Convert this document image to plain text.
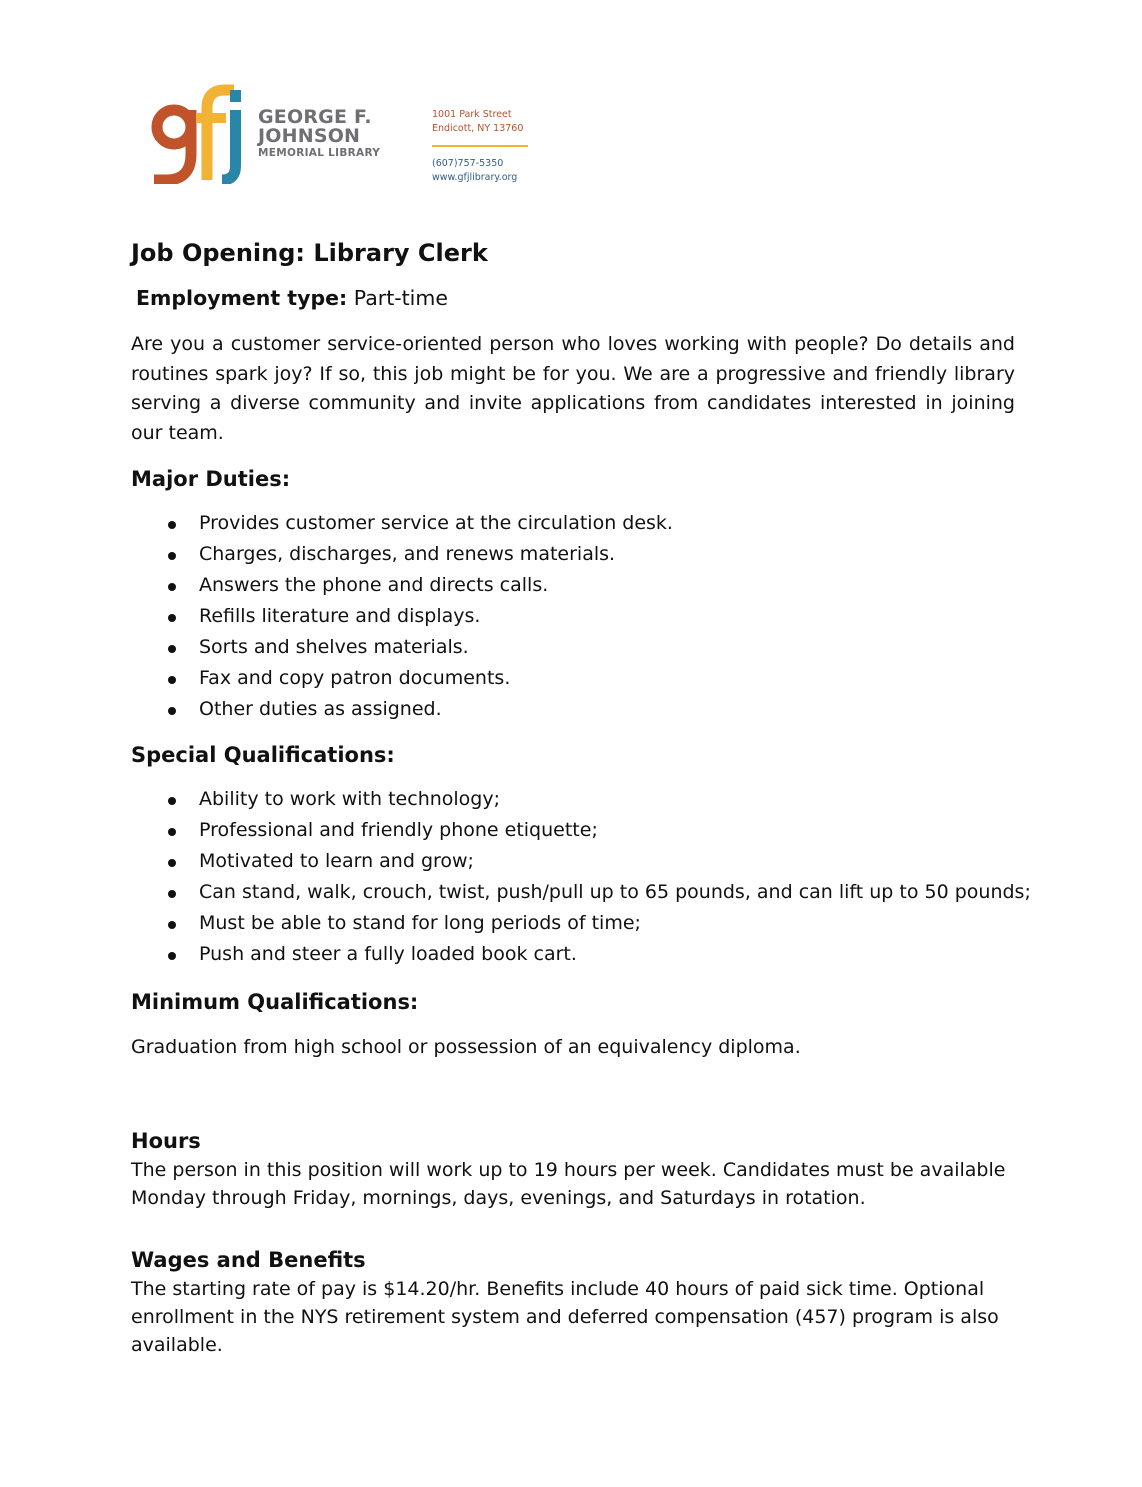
GEORGE F.
JOHNSON
MEMORIAL LIBRARY
1001 Park Street
Endicott, NY 13760
(607)757-5350
www.gfjlibrary.org
Job Opening: Library Clerk

Employment type: Part-time

Are you a customer service-oriented person who loves working with people? Do details and routines spark joy? If so, this job might be for you. We are a progressive and friendly library serving a diverse community and invite applications from candidates interested in joining our team.

Major Duties:
Provides customer service at the circulation desk.
Charges, discharges, and renews materials.
Answers the phone and directs calls.
Refills literature and displays.
Sorts and shelves materials.
Fax and copy patron documents.
Other duties as assigned.
Special Qualifications:
Ability to work with technology;
Professional and friendly phone etiquette;
Motivated to learn and grow;
Can stand, walk, crouch, twist, push/pull up to 65 pounds, and can lift up to 50 pounds;
Must be able to stand for long periods of time;
Push and steer a fully loaded book cart.
Minimum Qualifications:

Graduation from high school or possession of an equivalency diploma.

Hours

The person in this position will work up to 19 hours per week. Candidates must be available Monday through Friday, mornings, days, evenings, and Saturdays in rotation.

Wages and Benefits

The starting rate of pay is $14.20/hr. Benefits include 40 hours of paid sick time. Optional enrollment in the NYS retirement system and deferred compensation (457) program is also available.
